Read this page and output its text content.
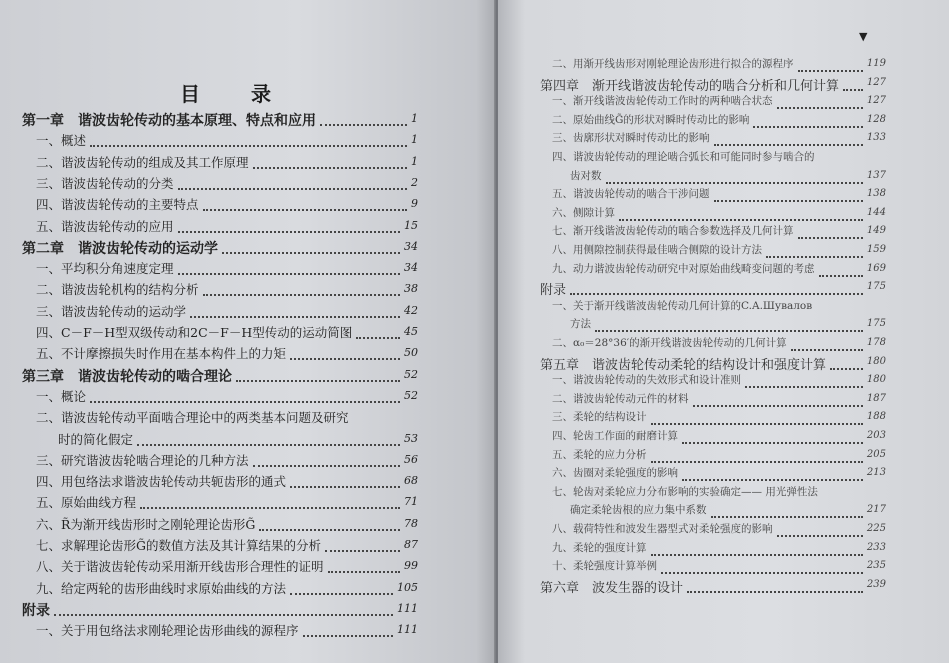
目 录
第一章　谐波齿轮传动的基本原理、特点和应用	1
一、概述	1
二、谐波齿轮传动的组成及其工作原理	1
三、谐波齿轮传动的分类	2
四、谐波齿轮传动的主要特点	9
五、谐波齿轮传动的应用	15
第二章　谐波齿轮传动的运动学	34
一、平均积分角速度定理	34
二、谐波齿轮机构的结构分析	38
三、谐波齿轮传动的运动学	42
四、C－F－H型双级传动和2C－F－H型传动的运动简图	45
五、不计摩擦损失时作用在基本构件上的力矩	50
第三章　谐波齿轮传动的啮合理论	52
一、概论	52
二、谐波齿轮传动平面啮合理论中的两类基本问题及研究
时的简化假定	53
三、研究谐波齿轮啮合理论的几种方法	56
四、用包络法求谐波齿轮传动共轭齿形的通式	68
五、原始曲线方程	71
六、R̃为渐开线齿形时之刚轮理论齿形G̃	78
七、求解理论齿形G̃的数值方法及其计算结果的分析	87
八、关于谐波齿轮传动采用渐开线齿形合理性的证明	99
九、给定两轮的齿形曲线时求原始曲线的方法	105
附录	111
一、关于用包络法求刚轮理论齿形曲线的源程序	111
二、用渐开线齿形对刚轮理论齿形进行拟合的源程序	119
第四章　渐开线谐波齿轮传动的啮合分析和几何计算	127
一、渐开线谐波齿轮传动工作时的两种啮合状态	127
二、原始曲线G̃的形状对瞬时传动比的影响	128
三、齿廓形状对瞬时传动比的影响	133
四、谐波齿轮传动的理论啮合弧长和可能同时参与啮合的
齿对数	137
五、谐波齿轮传动的啮合干涉问题	138
六、侧隙计算	144
七、渐开线谐波齿轮传动的啮合参数选择及几何计算	149
八、用侧隙控制获得最佳啮合侧隙的设计方法	159
九、动力谐波齿轮传动研究中对原始曲线畸变问题的考虑	169
附录	175
一、关于渐开线谐波齿轮传动几何计算的C.A.Шувалов
方法	175
二、α₀＝28°36′的渐开线谐波齿轮传动的几何计算	178
第五章　谐波齿轮传动柔轮的结构设计和强度计算	180
一、谐波齿轮传动的失效形式和设计准则	180
二、谐波齿轮传动元件的材料	187
三、柔轮的结构设计	188
四、轮齿工作面的耐磨计算	203
五、柔轮的应力分析	205
六、齿圈对柔轮强度的影响	213
七、轮齿对柔轮应力分布影响的实验确定—— 用光弹性法
确定柔轮齿根的应力集中系数	217
八、载荷特性和波发生器型式对柔轮强度的影响	225
九、柔轮的强度计算	233
十、柔轮强度计算举例	235
第六章　波发生器的设计	239
▼
